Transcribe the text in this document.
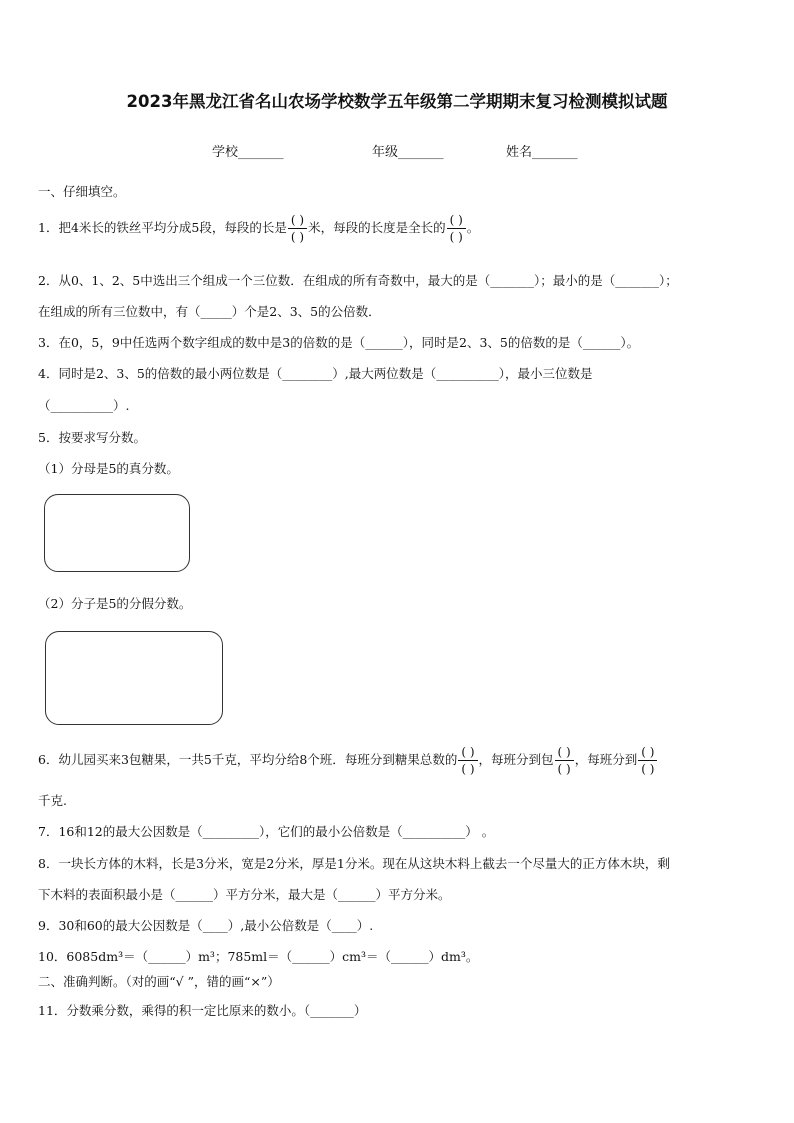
2023年黑龙江省名山农场学校数学五年级第二学期期末复习检测模拟试题
学校_______	年级_______	姓名_______
一、仔细填空。
1．把4米长的铁丝平均分成5段，每段的长是 $\frac{( )}{( )}$ 米，每段的长度是全长的 $\frac{( )}{( )}$ 。
2．从0、1、2、5中选出三个组成一个三位数．在组成的所有奇数中，最大的是（_______）；最小的是（_______）；
在组成的所有三位数中，有（_____）个是2、3、5的公倍数．
3．在0，5，9中任选两个数字组成的数中是3的倍数的是（______），同时是2、3、5的倍数的是（______）。
4．同时是2、3、5的倍数的最小两位数是（________）,最大两位数是（__________），最小三位数是
（__________）.
5．按要求写分数。
（1）分母是5的真分数。
（2）分子是5的分假分数。
6．幼儿园买来3包糖果，一共5千克，平均分给8个班．每班分到糖果总数的 $\frac{( )}{( )}$ ，每班分到包 $\frac{( )}{( )}$ ，每班分到 $\frac{( )}{( )}$
千克.
7．16和12的最大公因数是（_________），它们的最小公倍数是（__________） 。
8．一块长方体的木料，长是3分米，宽是2分米，厚是1分米。现在从这块木料上截去一个尽量大的正方体木块，剩
下木料的表面积最小是（______）平方分米，最大是（______）平方分米。
9．30和60的最大公因数是（____）,最小公倍数是（____）.
10．6085dm³＝（______）m³；785ml＝（______）cm³＝（______）dm³。
二、准确判断。（对的画“√ ”，错的画“×”）
11．分数乘分数，乘得的积一定比原来的数小。（_______）
